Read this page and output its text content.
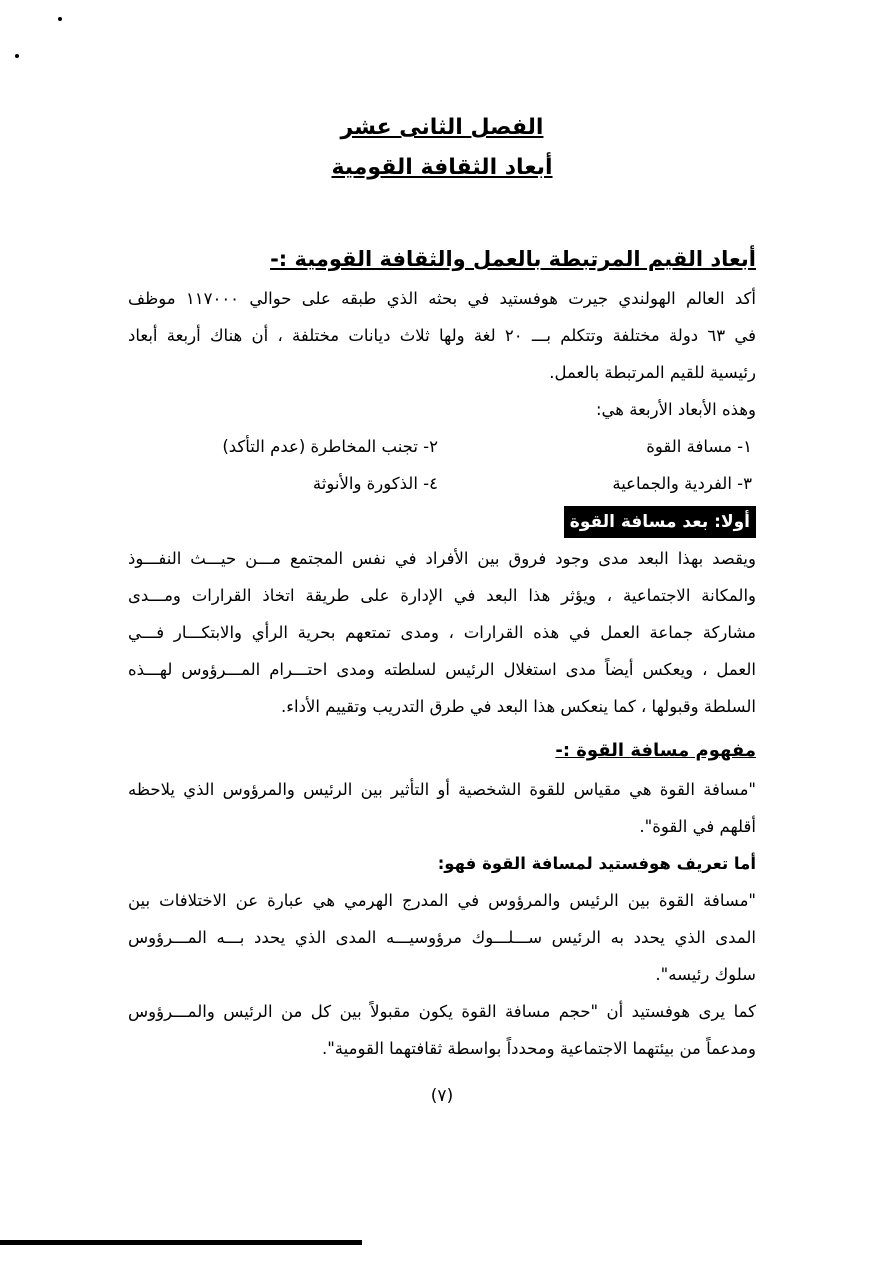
الفصل الثانى عشر
أبعاد الثقافة القومية
أبعاد القيم المرتبطة بالعمل والثقافة القومية :-

أكد العالم الهولندي جيرت هوفستيد في بحثه الذي طبقه على حوالي ١١٧٠٠٠ موظف

في ٦٣ دولة مختلفة وتتكلم بـــ ٢٠ لغة ولها ثلاث ديانات مختلفة ، أن هناك أربعة أبعاد

رئيسية للقيم المرتبطة بالعمل.

وهذه الأبعاد الأربعة هي:

١- مسافة القوة
٢- تجنب المخاطرة (عدم التأكد)
٣- الفردية والجماعية
٤- الذكورة والأنوثة
أولا: بعد مسافة القوة

ويقصد بهذا البعد مدى وجود فروق بين الأفراد في نفس المجتمع مـــن حيـــث النفـــوذ

والمكانة الاجتماعية ، ويؤثر هذا البعد في الإدارة على طريقة اتخاذ القرارات ومـــدى

مشاركة جماعة العمل في هذه القرارات ، ومدى تمتعهم بحرية الرأي والابتكـــار فـــي

العمل ، ويعكس أيضاً مدى استغلال الرئيس لسلطته ومدى احتـــرام المـــرؤوس لهـــذه

السلطة وقبولها ، كما ينعكس هذا البعد في طرق التدريب وتقييم الأداء.

مفهوم مسافة القوة :-

"مسافة القوة هي مقياس للقوة الشخصية أو التأثير بين الرئيس والمرؤوس الذي يلاحظه

أقلهم في القوة".

أما تعريف هوفستيد لمسافة القوة فهو:

"مسافة القوة بين الرئيس والمرؤوس في المدرج الهرمي هي عبارة عن الاختلافات بين

المدى الذي يحدد به الرئيس ســـلـــوك مرؤوسيـــه المدى الذي يحدد بـــه المـــرؤوس

سلوك رئيسه".

كما يرى هوفستيد أن "حجم مسافة القوة يكون مقبولاً بين كل من الرئيس والمـــرؤوس

ومدعماً من بيئتهما الاجتماعية ومحدداً بواسطة ثقافتهما القومية".

(٧)
